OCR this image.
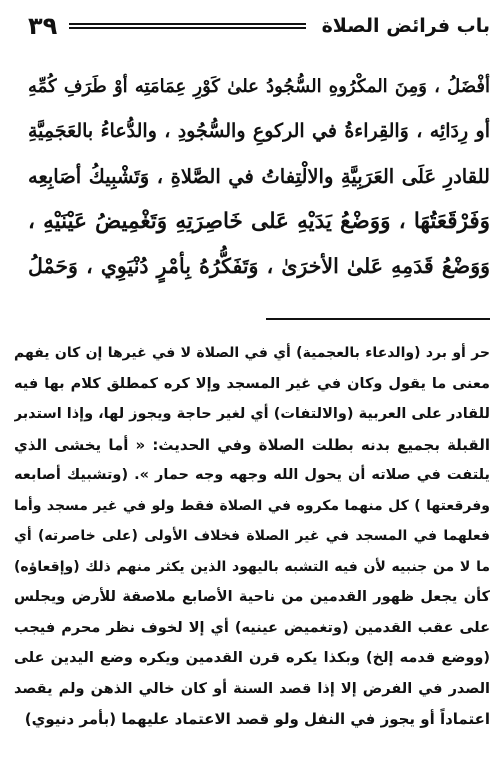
باب فرائض الصلاة
٣٩
أفْضَلُ ، وَمِنَ المكْرُوهِ السُّجُودُ علىٰ كَوْرِ عِمَامَتِه أوْ طَرَفِ كُمِّهِ
أو رِدَائِه ، وَالقِراءةُ في الركوعِ والسُّجُودِ ، والدُّعاءُ بالعَجَمِيَّةِ
للقادرِ عَلَى العَرَبِيَّةِ والالْتِفاتُ في الصَّلاةِ ، وَتَشْبِيكُ أصَابِعِه
وَفَرْقَعَتُهَا ، وَوَضْعُ يَدَيْهِ عَلى خَاصِرَتِهِ وَتَغْمِيضُ عَيْنَيْهِ ،
وَوَضْعُ قَدَمِهِ عَلىٰ الأخرَىٰ ، وَتَفَكُّرُهُ بِأمْرٍ دُنْيَوِي ، وَحَمْلُ
حر أو برد (والدعاء بالعجمية) أي في الصلاة لا في غيرها إن كان يفهم
معنى ما يقول وكان في غير المسجد وإلا كره كمطلق كلام بها فيه
للقادر على العربية (والالتفات) أي لغير حاجة ويجوز لها، وإذا استدبر
القبلة بجميع بدنه بطلت الصلاة وفي الحديث: « أما يخشى الذي
يلتفت في صلاته أن يحول الله وجهه وجه حمار ». (وتشبيك أصابعه
وفرقعتها ) كل منهما مكروه في الصلاة فقط ولو في غير مسجد وأما
فعلهما في المسجد في غير الصلاة فخلاف الأولى (على خاصرته) أي
ما لا من جنبيه لأن فيه التشبه باليهود الذين يكثر منهم ذلك (وإقعاؤه)
كأن يجعل ظهور القدمين من ناحية الأصابع ملاصقة للأرض ويجلس
على عقب القدمين (وتغميض عينيه) أي إلا لخوف نظر محرم فيجب
(ووضع قدمه إلخ) وبكذا يكره قرن القدمين ويكره وضع اليدين على
الصدر في الفرض إلا إذا قصد السنة أو كان خالي الذهن ولم يقصد
اعتماداً أو يجوز في النفل ولو قصد الاعتماد عليهما (بأمر دنيوي)
